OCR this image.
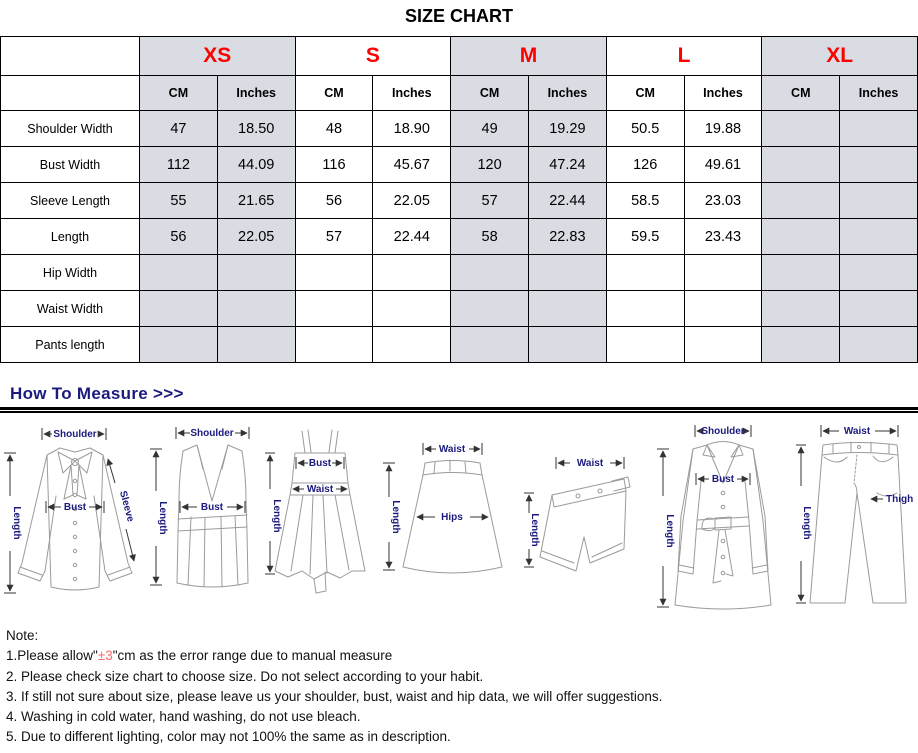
SIZE CHART
	XS		S		M		L		XL	
	CM	Inches	CM	Inches	CM	Inches	CM	Inches	CM	Inches
Shoulder Width	47	18.50	48	18.90	49	19.29	50.5	19.88		
Bust Width	112	44.09	116	45.67	120	47.24	126	49.61		
Sleeve Length	55	21.65	56	22.05	57	22.44	58.5	23.03		
Length	56	22.05	57	22.44	58	22.83	59.5	23.43		
Hip Width										
Waist Width										
Pants length										
How To Measure >>>
Shoulder
Length	Bust	Sleeve
Shoulder
Length	Bust
Bust
Waist
Length
Waist
Hips
Length
Waist
Length
Shoulder
Bust
Length
Waist
Thigh
Length
Note:
1.Please allow"±3"cm as the error range due to manual measure
2. Please check size chart to choose size. Do not select according to your habit.
3. If still not sure about size, please leave us your shoulder, bust, waist and hip data, we will offer suggestions.
4. Washing in cold water, hand washing, do not use bleach.
5. Due to different lighting, color may not 100% the same as in description.
